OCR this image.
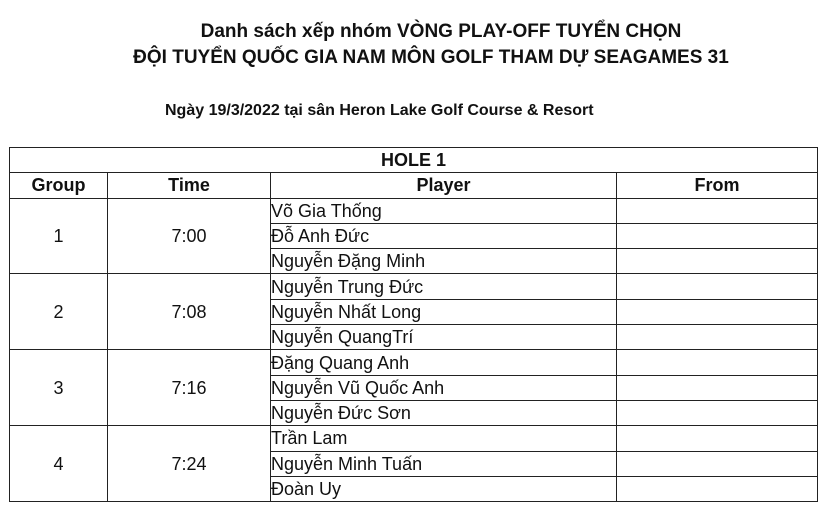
Danh sách xếp nhóm VÒNG PLAY-OFF TUYỂN CHỌN
ĐỘI TUYỂN QUỐC GIA NAM MÔN GOLF THAM DỰ SEAGAMES 31
Ngày 19/3/2022 tại sân Heron Lake Golf Course & Resort
HOLE 1			
Group	Time	Player	From
1	7:00	Võ Gia Thống	
		Đỗ Anh Đức	
		Nguyễn Đặng Minh	
2	7:08	Nguyễn Trung Đức	
		Nguyễn Nhất Long	
		Nguyễn QuangTrí	
3	7:16	Đặng Quang Anh	
		Nguyễn Vũ Quốc Anh	
		Nguyễn Đức Sơn	
4	7:24	Trần Lam	
		Nguyễn Minh Tuấn	
		Đoàn Uy	
